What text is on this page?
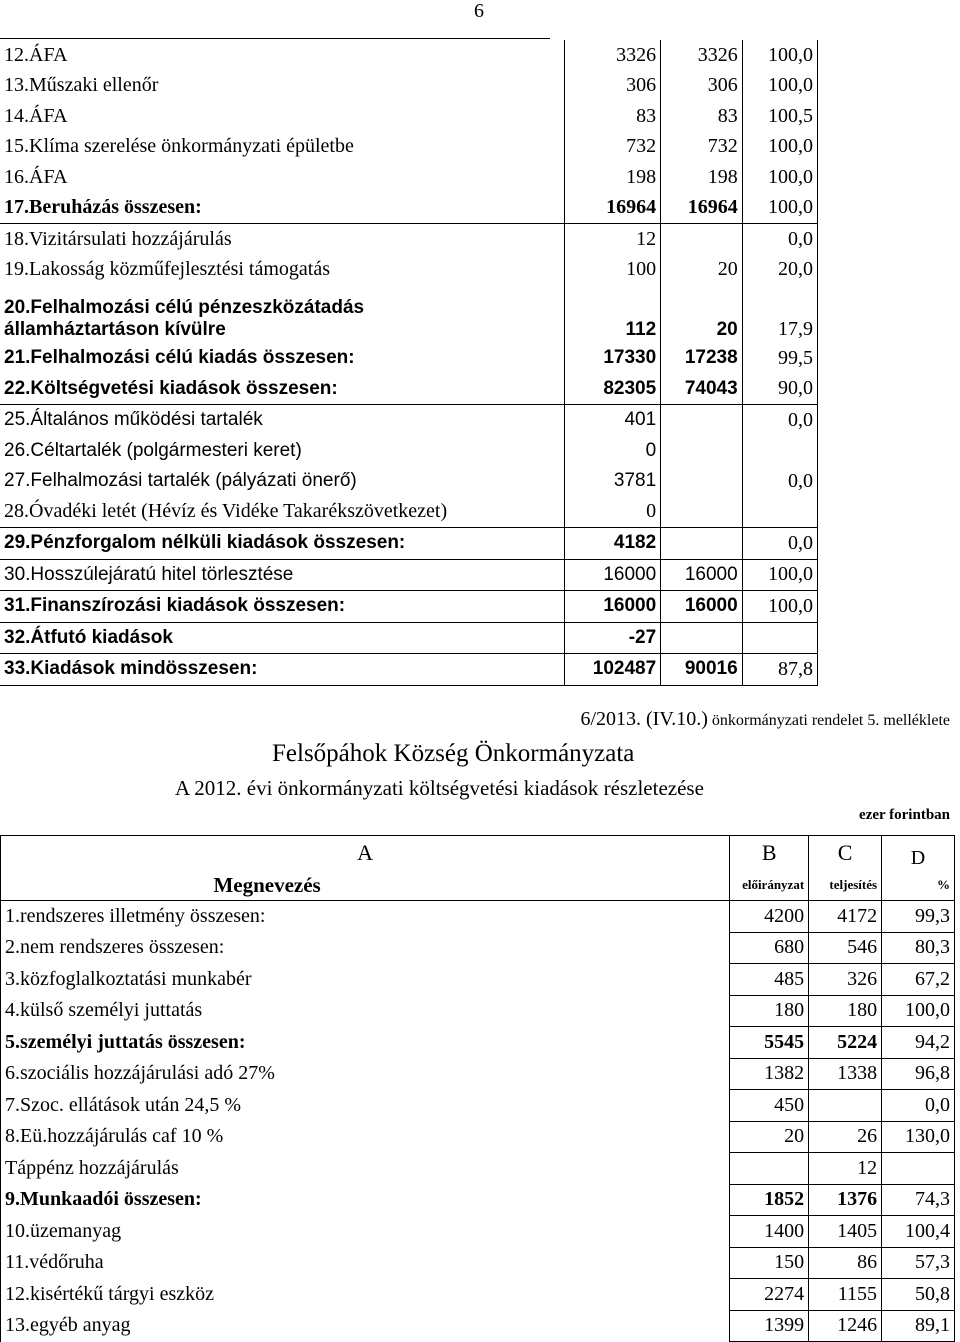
6
12.ÁFA	3326	3326	100,0
13.Műszaki ellenőr	306	306	100,0
14.ÁFA	83	83	100,5
15.Klíma szerelése önkormányzati épületbe	732	732	100,0
16.ÁFA	198	198	100,0
17.Beruházás összesen:	16964	16964	100,0
18.Vizitársulati hozzájárulás	12		0,0
19.Lakosság közműfejlesztési támogatás	100	20	20,0

20.Felhalmozási célú pénzeszközátadás
államháztartáson kívülre	112	20	17,9
21.Felhalmozási célú kiadás összesen:	17330	17238	99,5
22.Költségvetési kiadások összesen:	82305	74043	90,0
25.Általános működési tartalék	401		0,0
26.Céltartalék (polgármesteri keret)	0		
27.Felhalmozási tartalék (pályázati önerő)	3781		0,0
28.Óvadéki letét (Hévíz és Vidéke Takarékszövetkezet)	0		
29.Pénzforgalom nélküli kiadások összesen:	4182		0,0
30.Hosszúlejáratú hitel törlesztése	16000	16000	100,0
31.Finanszírozási kiadások összesen:	16000	16000	100,0
32.Átfutó kiadások	-27		
33.Kiadások mindösszesen:	102487	90016	87,8
6/2013. (IV.10.) önkormányzati rendelet 5. melléklete
Felsőpáhok Község Önkormányzata
A 2012. évi önkormányzati költségvetési kiadások részletezése
ezer forintban
A	B	C	D
Megnevezés	előirányzat	teljesítés	%
1.rendszeres illetmény összesen:	4200	4172	99,3
2.nem rendszeres összesen:	680	546	80,3
3.közfoglalkoztatási munkabér	485	326	67,2
4.külső személyi juttatás	180	180	100,0
5.személyi juttatás összesen:	5545	5224	94,2
6.szociális hozzájárulási adó 27%	1382	1338	96,8
7.Szoc. ellátások után 24,5 %	450		0,0
8.Eü.hozzájárulás caf 10 %	20	26	130,0
Táppénz hozzájárulás		12	
9.Munkaadói összesen:	1852	1376	74,3
10.üzemanyag	1400	1405	100,4
11.védőruha	150	86	57,3
12.kisértékű tárgyi eszköz	2274	1155	50,8
13.egyéb anyag	1399	1246	89,1
